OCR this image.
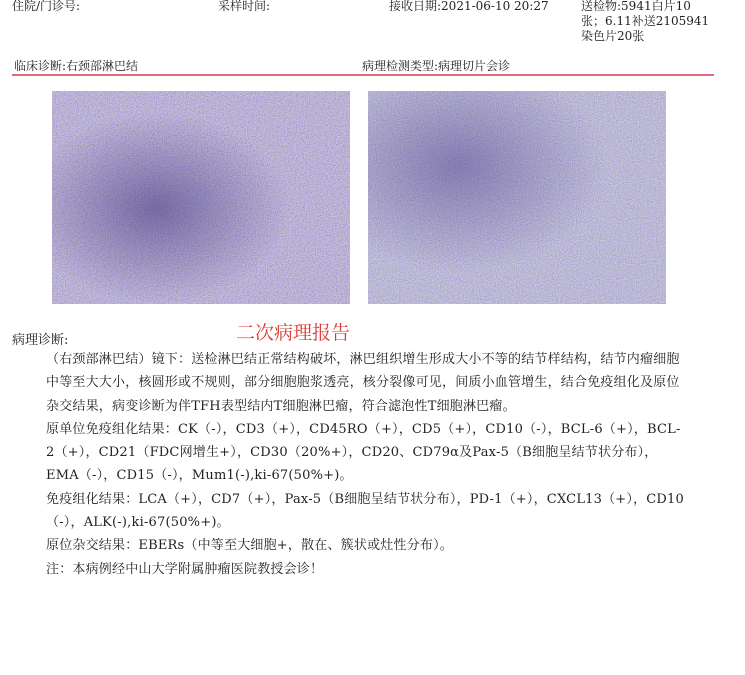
住院/门诊号:	采样时间:	接收日期:2021-06-10 20:27	送检物:5941白片10张；6.11补送2105941染色片20张
临床诊断:右颈部淋巴结	病理检测类型:病理切片会诊
病理诊断:	二次病理报告

（右颈部淋巴结）镜下：送检淋巴结正常结构破坏，淋巴组织增生形成大小不等的结节样结构，结节内瘤细胞中等至大大小，核圆形或不规则，部分细胞胞浆透亮，核分裂像可见，间质小血管增生，结合免疫组化及原位杂交结果，病变诊断为伴TFH表型结内T细胞淋巴瘤，符合滤泡性T细胞淋巴瘤。

原单位免疫组化结果：CK（-），CD3（+），CD45RO（+），CD5（+），CD10（-），BCL-6（+），BCL-2（+），CD21（FDC网增生+），CD30（20%+），CD20、CD79α及Pax-5（B细胞呈结节状分布），EMA（-），CD15（-），Mum1(-),ki-67(50%+)。

免疫组化结果：LCA（+），CD7（+），Pax-5（B细胞呈结节状分布），PD-1（+），CXCL13（+），CD10（-），ALK(-),ki-67(50%+)。

原位杂交结果：EBERs（中等至大细胞+，散在、簇状或灶性分布）。

注：本病例经中山大学附属肿瘤医院教授会诊！
